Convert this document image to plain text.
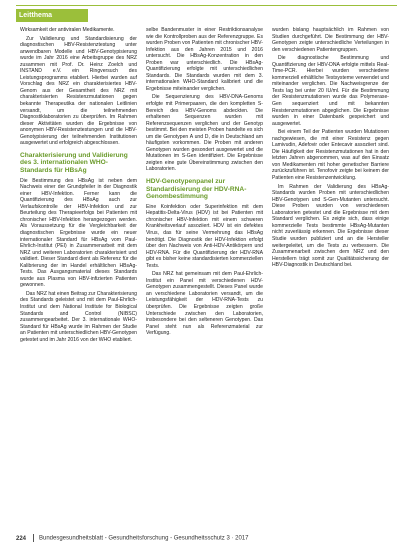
Leitthema

Wirksamkeit der antiviralen Medikamente.

Zur Validierung und Standardisierung der diagnostischen HBV-Resistenztestung unter anwendbaren Modelle und HBV-Genotypisierung wurde im Jahr 2016 eine Arbeitsgruppe des NRZ zusammen mit Prof. Dr. Heinz Zoelch und INSTAND e.V. ein Ringversuch des Leistungsprogramms etabliert. Hierbei wurden auf Vorschlag des NRZ ein charakterisiertes HBV-Genom aus der Gesamtheit des NRZ mit charakterisierten Resistenzmutationen gegen bekannte Therapeutika der nationalen Leitlinien versandt, um die teilnehmenden Diagnostiklaboratorien zu überprüfen. Im Rahmen dieser Aktivitäten wurden die Ergebnisse von anonymen HBV-Resistenztestungen und die HBV-Genotypisierung der teilnehmenden Institutionen ausgewertet und erfolgreich abgeschlossen.

Charakterisierung und Validierung des 3. internationalen WHO-Standards für HBsAg

Die Bestimmung des HBsAg ist neben dem Nachweis einer der Grundpfeiler in der Diagnostik einer HBV-Infektion. Ferner kann die Quantifizierung des HBsAg auch zur Verlaufskontrolle der HBV-Infektion und zur Beurteilung des Therapieerfolgs bei Patienten mit chronischer HBV-Infektion herangezogen werden. Als Voraussetzung für die Vergleichbarkeit der diagnostischen Ergebnisse wurde ein neuer internationaler Standard für HBsAg vom Paul-Ehrlich-Institut (PEI) in Zusammenarbeit mit dem NRZ und weiteren Laboratorien charakterisiert und validiert. Dieser Standard dient als Referenz für die Kalibrierung der im Handel erhältlichen HBsAg-Tests. Das Ausgangsmaterial dieses Standards wurde aus Plasma von HBV-infizierten Patienten gewonnen.

Das NRZ hat einen Beitrag zur Charakterisierung des Standards geleistet und mit dem Paul-Ehrlich-Institut und dem National Institute for Biological Standards and Control (NIBSC) zusammengearbeitet. Der 3. internationale WHO-Standard für HBsAg wurde im Rahmen der Studie an Patienten mit unterschiedlichen HBV-Genotypen getestet und im Jahr 2016 von der WHO etabliert.

selbe Bandenmuster in einer Restriktionsanalyse wie die Kontrollproben aus der Referenzgruppe. Es wurden Proben von Patienten mit chronischer HBV-Infektion aus den Jahren 2015 und 2016 untersucht. Die HBsAg-Konzentration in den Proben war unterschiedlich. Die HBsAg-Quantifizierung erfolgte mit unterschiedlichen Standards. Die Standards wurden mit dem 3. internationalen WHO-Standard kalibriert und die Ergebnisse miteinander verglichen.

Die Sequenzierung des HBV-DNA-Genoms erfolgte mit Primerpaaren, die den kompletten S-Bereich des HBV-Genoms abdeckten. Die erhaltenen Sequenzen wurden mit Referenzsequenzen verglichen und der Genotyp bestimmt. Bei den meisten Proben handelte es sich um die Genotypen A und D, die in Deutschland am häufigsten vorkommen. Die Proben mit anderen Genotypen wurden gesondert ausgewertet und die Mutationen im S-Gen identifiziert. Die Ergebnisse zeigten eine gute Übereinstimmung zwischen den Laboratorien.

HDV-Genotypenpanel zur Standardisierung der HDV-RNA-Genombestimmung

Eine Koinfektion oder Superinfektion mit dem Hepatitis-Delta-Virus (HDV) ist bei Patienten mit chronischer HBV-Infektion mit einem schweren Krankheitsverlauf assoziiert. HDV ist ein defektes Virus, das für seine Vermehrung das HBsAg benötigt. Die Diagnostik der HDV-Infektion erfolgt über den Nachweis von Anti-HDV-Antikörpern und HDV-RNA. Für die Quantifizierung der HDV-RNA gibt es bisher keine standardisierten kommerziellen Tests.

Das NRZ hat gemeinsam mit dem Paul-Ehrlich-Institut ein Panel mit verschiedenen HDV-Genotypen zusammengestellt. Dieses Panel wurde an verschiedene Laboratorien versandt, um die Leistungsfähigkeit der HDV-RNA-Tests zu überprüfen. Die Ergebnisse zeigten große Unterschiede zwischen den Laboratorien, insbesondere bei den selteneren Genotypen. Das Panel steht nun als Referenzmaterial zur Verfügung.

wurden bislang hauptsächlich im Rahmen von Studien durchgeführt. Die Bestimmung der HBV-Genotypen zeigte unterschiedliche Verteilungen in den verschiedenen Patientengruppen.

Die diagnostische Bestimmung und Quantifizierung der HBV-DNA erfolgte mittels Real-Time-PCR. Hierbei wurden verschiedene kommerziell erhältliche Testsysteme verwendet und miteinander verglichen. Die Nachweisgrenze der Tests lag bei unter 20 IU/ml. Für die Bestimmung der Resistenzmutationen wurde das Polymerase-Gen sequenziert und mit bekannten Resistenzmutationen abgeglichen. Die Ergebnisse wurden in einer Datenbank gespeichert und ausgewertet.

Bei einem Teil der Patienten wurden Mutationen nachgewiesen, die mit einer Resistenz gegen Lamivudin, Adefovir oder Entecavir assoziiert sind. Die Häufigkeit der Resistenzmutationen hat in den letzten Jahren abgenommen, was auf den Einsatz von Medikamenten mit hoher genetischer Barriere zurückzuführen ist. Tenofovir zeigte bei keinem der Patienten eine Resistenzentwicklung.

Im Rahmen der Validierung des HBsAg-Standards wurden Proben mit unterschiedlichen HBV-Genotypen und S-Gen-Mutanten untersucht. Diese Proben wurden von verschiedenen Laboratorien getestet und die Ergebnisse mit dem Standard verglichen. Es zeigte sich, dass einige kommerzielle Tests bestimmte HBsAg-Mutanten nicht zuverlässig erkennen. Die Ergebnisse dieser Studie wurden publiziert und an die Hersteller weitergeleitet, um die Tests zu verbessern. Die Zusammenarbeit zwischen dem NRZ und den Herstellern trägt somit zur Qualitätssicherung der HBV-Diagnostik in Deutschland bei.

224 Bundesgesundheitsblatt - Gesundheitsforschung - Gesundheitsschutz 3 · 2017
